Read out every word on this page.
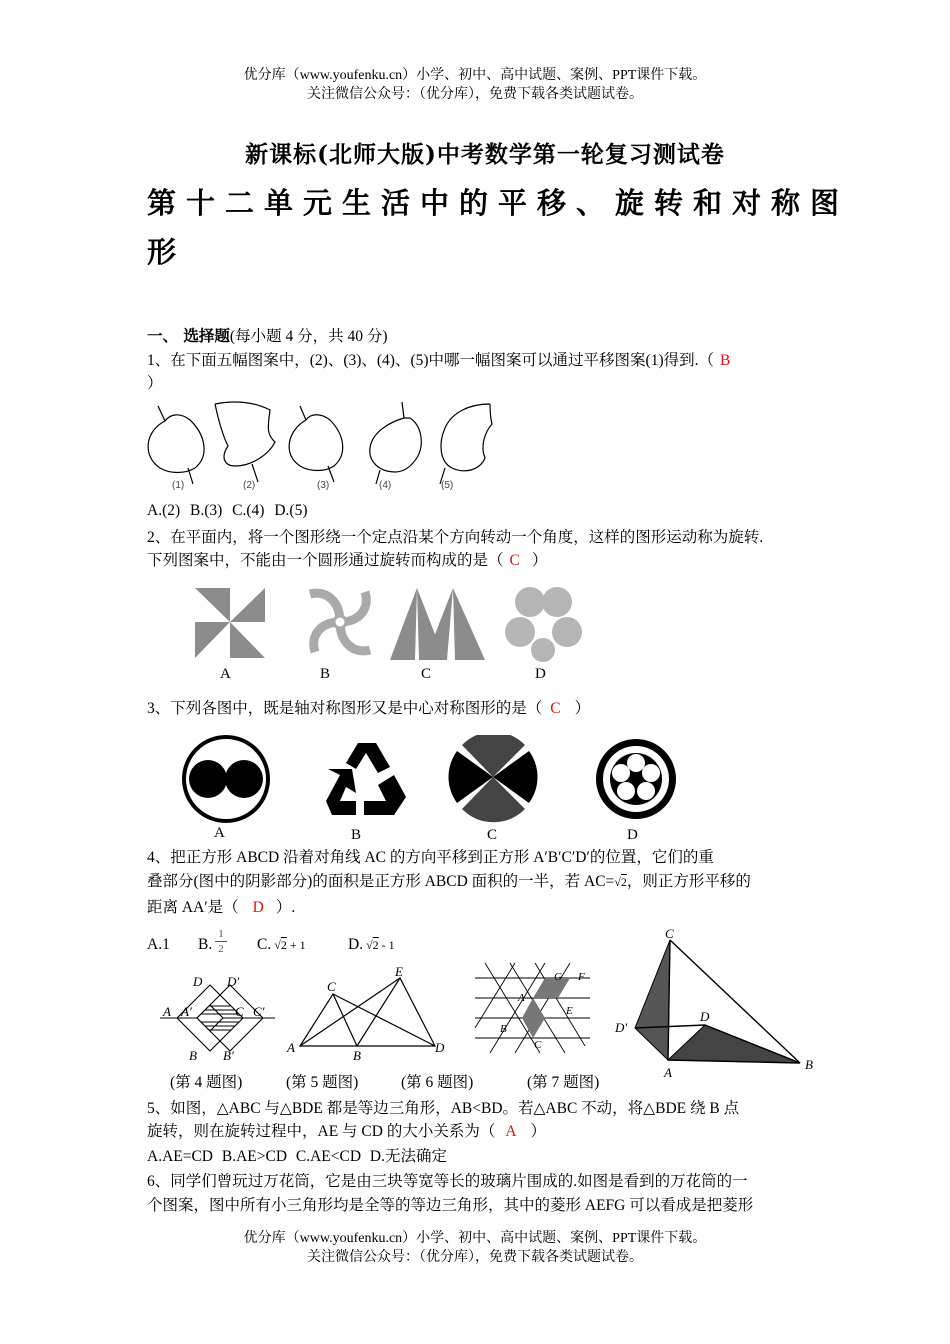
优分库（www.youfenku.cn）小学、初中、高中试题、案例、PPT课件下载。
关注微信公众号：（优分库），免费下载各类试题试卷。
新课标(北师大版)中考数学第一轮复习测试卷
第十二单元生活中的平移、旋转和对称图
形
一、 选择题(每小题 4 分，共 40 分)
1、在下面五幅图案中，(2)、(3)、(4)、(5)中哪一幅图案可以通过平移图案(1)得到.（ B
）
(1)	(2)	(3)	(4)	(5)
A.(2) B.(3) C.(4) D.(5)
2、在平面内，将一个图形绕一个定点沿某个方向转动一个角度，这样的图形运动称为旋转.
下列图案中，不能由一个圆形通过旋转而构成的是（ C ）
A	B	C	D
3、下列各图中，既是轴对称图形又是中心对称图形的是（ C ）
A	B	C	D
4、把正方形 ABCD 沿着对角线 AC 的方向平移到正方形 A′B′C′D′的位置，它们的重
叠部分(图中的阴影部分)的面积是正方形 ABCD 面积的一半，若 AC=√2，则正方形平移的
距离 AA′是（ D ）.
A.1 B. $\frac{1}{2} C$. √2 + 1	D. √2 - 1
D D′
A A′	C C′
B B′
C
E
A
B
D
G F
A
E
B
C
C
D′
D
A
B
(第 4 题图)	(第 5 题图)	(第 6 题图)	(第 7 题图)
5、如图，△ABC 与△BDE 都是等边三角形，AB<BD。若△ABC 不动，将△BDE 绕 B 点
旋转，则在旋转过程中，AE 与 CD 的大小关系为（ A ）
A.AE=CD B.AE>CD C.AE<CD D.无法确定
6、同学们曾玩过万花筒，它是由三块等宽等长的玻璃片围成的.如图是看到的万花筒的一
个图案，图中所有小三角形均是全等的等边三角形，其中的菱形 AEFG 可以看成是把菱形
优分库（www.youfenku.cn）小学、初中、高中试题、案例、PPT课件下载。
关注微信公众号：（优分库），免费下载各类试题试卷。
